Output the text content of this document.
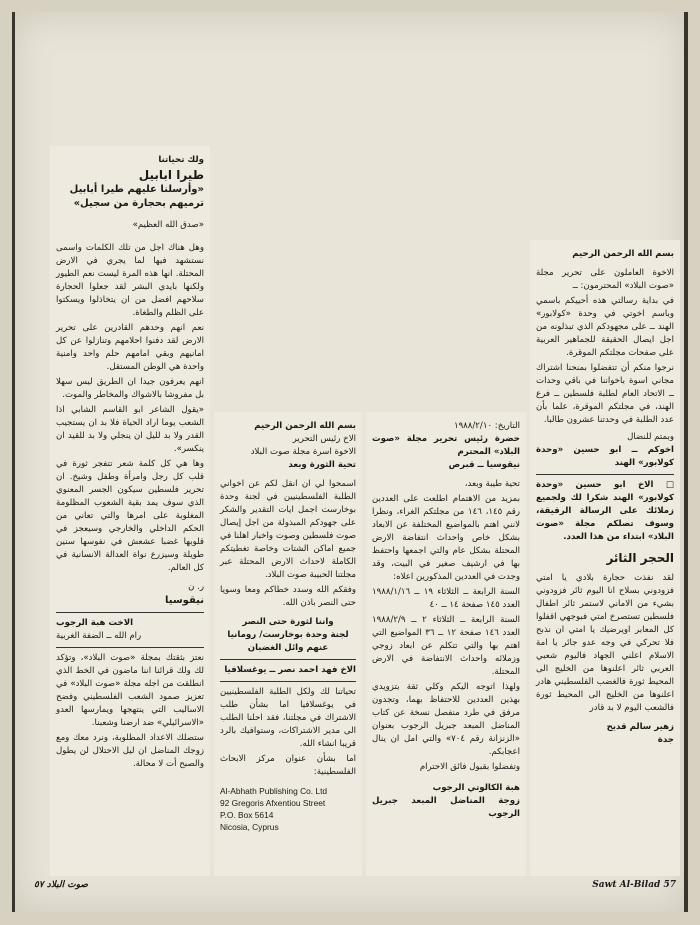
ولك تحياتنا
طيرا ابابيل
«وأرسلنا عليهم طيرا أبابيل
ترميهم بحجارة من سجيل»
«صدق الله العظيم»

وهل هناك اجل من تلك الكلمات واسمى نستشهد فيها لما يجري في الارض المحتلة. انها هذه المرة ليست نعم الطيور ولكنها بايدي البشر لقد جعلوا الحجارة سلاحهم افضل من ان يتخاذلوا ويسكتوا على الظلم والطغاة.

نعم انهم وحدهم القادرين على تحرير الارض لقد دفنوا احلامهم وتنازلوا عن كل امانيهم وبقي امامهم حلم واحد وامنية واحدة هي الوطن المستقل.

انهم يعرفون جيدا ان الطريق ليس سهلا بل مفروشا بالاشواك والمخاطر والموت.

«يقول الشاعر ابو القاسم الشابي اذا الشعب يوما اراد الحياة فلا بد ان يستجيب القدر ولا بد لليل ان ينجلي ولا بد للقيد ان ينكسر».

وها هي كل كلمة شعر تتفجر ثورة في قلب كل رجل وامرأة وطفل وشيخ. ان تحرير فلسطين سيكون الجسر المعنوي الذي سوف يمد بقية الشعوب المظلومة المغلوبة على امرها والتي تعاني من الحكم الداخلي والخارجي وسيعجز في قلوبها غضبا عشعش في نفوسها سنين طويلة وسيزرع نواة العدالة الانسانية في كل العالم.

ر. ن
نيقوسيا
الاخت هبة الرجوب
رام الله ــ الضفة الغربية

نعتز بثقتك بمجلة «صوت البلاد»، وتؤكد لك ولك قرائنا اننا ماضون في الخط الذي انطلقت من اجله مجلة «صوت البلاد» في تعزيز صمود الشعب الفلسطيني وفضح الاساليب التي ينتهجها ويمارسها العدو «الاسرائيلي» ضد ارضنا وشعبنا.

ستصلك الاعداد المطلوبة، ونرد معك ومع زوجك المناضل ان ليل الاحتلال لن يطول والصبح أت لا محالة.

بسم الله الرحمن الرحيم
الاخ رئيس التحرير
الاخوة اسرة مجلة صوت البلاد
تحية الثورة وبعد

اسمحوا لي ان انقل لكم عن اخواني الطلبة الفلسطينيين في لجنة وحدة بوخارست اجمل ايات التقدير والشكر على جهودكم المبذولة من اجل إيصال صوت فلسطين وصوت واخبار اهلنا في جميع اماكن الشتات وخاصة تغطيتكم الكاملة لاحداث الارض المحتلة عبر مجلتنا الحبيبة صوت البلاد.

وفقكم الله وسدد خطاكم ومعا وسويا حتى النصر باذن الله.

واننا لثورة حتى النصر
لجنة وحدة بوخارست/ رومانيا
عنهم وائل الغضبان
الاخ فهد احمد نصر ــ يوغسلافيا

تحياتنا لك ولكل الطلبة الفلسطينيين في يوغسلافيا اما بشأن طلب الاشتراك في مجلتنا، فقد احلنا الطلب الى مدير الاشتراكات، وستوافيك بالرد قريبا انشاء الله.

اما بشأن عنوان مركز الابحاث الفلسطينية:

Al-Abhath Publishing Co. Ltd
92 Gregoris Afxentiou Street
P.O. Box 5614
Nicosia, Cyprus
التاريخ: ١٩٨٨/٢/١٠
حضرة رئيس تحرير مجلة «صوت البلاد» المحترم
نيقوسيا ــ قبرص

تحية طيبة وبعد،

بمزيد من الاهتمام اطلعت على العددين رقم ١٤٥، ١٤٦ من مجلتكم الغراء، ونظرا لانني اهتم بالمواضيع المختلفة عن الابعاد بشكل خاص واحداث انتفاضة الارض المحتلة بشكل عام والتي اجمعها واحتفظ بها في ارشيف صغير في البيت، وقد وجدت في العددين المذكورين اعلاه:

السنة الرابعة ــ الثلاثاء ١٩ ــ ١٩٨٨/١/١٦ العدد ١٤٥ صفحة ١٤ ــ ٤٠

السنة الرابعة ــ الثلاثاء ٢ ــ ١٩٨٨/٢/٩ العدد ١٤٦ صفحة ١٢ ــ ٣٦ المواضيع التي اهتم بها والتي تتكلم عن ابعاد زوجي وزملائه واحداث الانتفاضة في الارض المحتلة.

ولهذا اتوجه اليكم وكلي ثقة بتزويدي بهذين العددين للاحتفاظ بهما، وتجدون مرفق في طرد منفصل نسخة عن كتاب المناضل المبعد جبريل الرجوب بعنوان «الزنزانة رقم ٧٠٤» والتي امل ان ينال اعجابكم.

وتفضلوا بقبول فائق الاحترام

هبة الكالوتي الرجوب
زوجة المناضل المبعد جبريل الرجوب
بسم الله الرحمن الرحيم

الاخوة العاملون على تحرير مجلة «صوت البلاد» المحترمون: ــ

في بداية رسالتي هذه أحييكم باسمي وباسم اخوتي في وحدة «كولابور» الهند ــ على مجهودكم الذي تبذلونه من اجل ايصال الحقيقة للجماهير العربية على صفحات مجلتكم الموقرة.

نرجوا منكم أن تتفضلوا بمنحنا اشتراك مجاني اسوة باخواننا في باقي وحدات ــ الاتحاد العام لطلبة فلسطين ــ فرع الهند، في مجلتكم الموقرة، علما بأن عدد الطلبة في وحدتنا عشرون طالبا.

وبمتم للنضال
اخوكم ــ ابو حسين «وحدة كولابور» الهند

□ الاخ ابو حسين «وحدة كولابور» الهند شكرا لك ولجميع زملائك على الرسالة الرقيقة، وسوف تصلكم مجلة «صوت البلاد» ابتداء من هذا العدد.

الحجر الثائر

لقد نفذت حجارة بلادي يا امتي فزودوني بسلاح انا اليوم ثائر فزودوني بشيء من الاماني لاستمر ثائر اطفال فلسطين تستصرخ امتي فبوجهي اقفلوا كل المعابر اويرضيك يا امتي ان نذبح فلا تحركي في وجه عدو جائر يا امة الاسلام اعلني الجهاد فاليوم شعبي العربي ثائر اعلنوها من الخليج الى المحيط ثورة فالغضب الفلسطيني هادر اعلنوها من الخليج الى المحيط ثورة فالشعب اليوم لا بد قادر

زهير سالم قديح
جدة
صوت البلاد ٥٧	Sawt Al-Bilad 57
